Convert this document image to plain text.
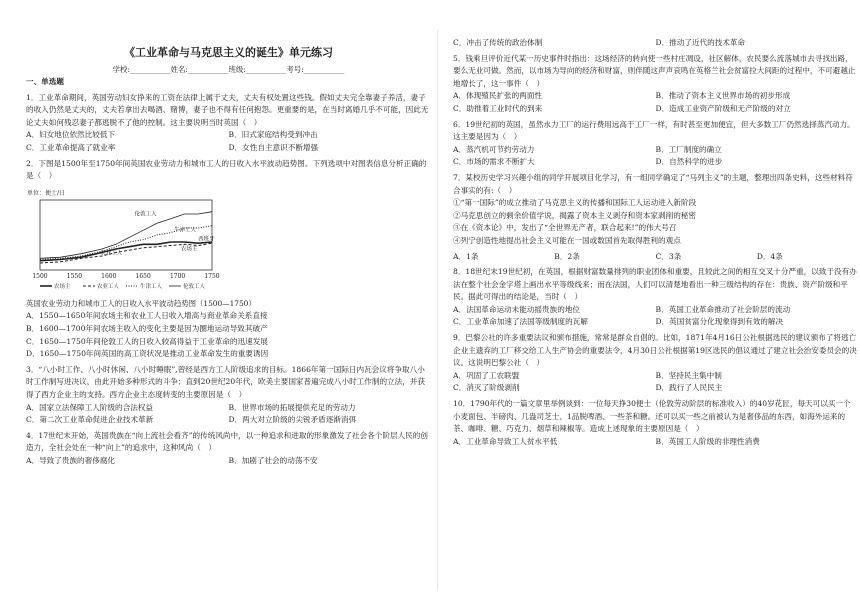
《工业革命与马克思主义的诞生》单元练习
学校:___________姓名:___________班级:___________考号:___________
一、单选题
1．工业革命期间，英国劳动妇女挣来的工资在法律上属于丈夫，丈夫有权处置这些钱。假如丈夫完全靠妻子养活，妻子的收入仍然是丈夫的，丈夫若拿出去喝酒、赌博，妻子也不得有任何抱怨。更重要的是，在当时离婚几乎不可能，因此无论丈夫如何残忍妻子都逃脱不了他的控制。这主要说明当时英国（　）
A．妇女地位依然比较低下	B．旧式家庭结构受到冲击
C．工业革命提高了就业率	D．女性自主意识不断增强
2．下图是1500年至1750年间英国农业劳动力和城市工人的日收入水平波动趋势图。下列选项中对图表信息分析正确的是（　）
单位：便士/日
1500	1550	1600	1650	1700	1750
伦敦工人
牛津工人
农场主
农业工人
西班牙
农场主	农业工人	牛津工人	伦敦工人
英国农业劳动力和城市工人的日收入水平波动趋势图（1500—1750）
A．1550—1650年间农场主和农业工人日收入增高与商业革命关系直接
B．1600—1700年间农场主收入的变化主要是因为圈地运动导致其破产
C．1650—1750年间伦敦工人的日收入较高得益于工业革命的迅速发展
D．1650—1750年间英国的高工资状况是推动工业革命发生的重要诱因
3．“八小时工作、八小时休闲、八小时睡眠”,曾经是西方工人阶级追求的目标。1866年第一国际日内瓦会议将争取八小时工作制写进决议，由此开始多种形式的斗争；直到20世纪20年代，欧美主要国家普遍完成八小时工作制的立法，并获得了西方企业主的支持。西方企业主态度转变的主要原因是（　）
A．国家立法保障工人阶级的合法权益	B．世界市场的拓展提供充足的劳动力
C．第二次工业革命促进企业技术革新	D．两大对立阶级的尖锐矛盾逐渐消弭
4．17世纪末开始，英国贵族在“向上流社会看齐”的传统风尚中，以一种追求和进取的形象激发了社会各个阶层人民的创造力，全社会处在一种“向上”的追求中，这种风尚（　）
A．导致了贵族的奢侈腐化	B．加剧了社会的动荡不安
C．冲击了传统的政治体制	D．推动了近代的技术革命
5．钱乘旦评价近代某一历史事件时指出：这场经济的转向使一些村庄凋设，社区解体，农民要么流落城市去寻找出路，要么无业可做。然而，以市场为导向的经济和财富，则伴随这声声哀鸣在英格兰社会贫富拉大间距的过程中，不可避越止地增长了，这一事件（　）
A．体现殖民扩张的两面性	B．推动了资本主义世界市场的初步形成
C．助推着工业时代的到来	D．造成工业资产阶级和无产阶级的对立
6．19世纪初的英国，虽然水力工厂的运行费用远高于工厂一样，有时甚至更加便宜，但大多数工厂仍然选择蒸汽动力。这主要是因为（　）
A．蒸汽机可节约劳动力	B．工厂制度的确立
C．市场的需求不断扩大	D．自然科学的进步
7．某校历史学习兴趣小组的同学开展项目化学习，有一组同学确定了“马列主义”的主题，整理出四条史料，这些材料符合事实的有:（　）
①“第一国际”的成立推动了马克思主义的传播和国际工人运动进入新阶段
②马克思创立的剩余价值学说，揭露了资本主义剥夺和资本家剥削的秘密
③在《资本论》中，发出了“全世界无产者，联合起来!”的伟大号召
④列宁创造性地提出社会主义可能在一国或数国首先取得胜利的观点
A．1条	B．2条	C．3条	D．4条
8．18世纪末19世纪初，在英国，根据财富数量排列的职业团体和重要，且较此之间的相互交叉十分严重，以致于没有办法在整个社会金字塔上画出水平等级线来；而在法国，人们可以清楚地看出一种三级结构的存在：贵族、资产阶级和平民。据此可得出的结论是，当时（　）
A．法国革命运动未能动摇贵族的地位	B．英国工业革命推动了社会阶层的流动
C．工业革命加速了法国等级制度的瓦解	D．英国贫富分化现象得到有效的解决
9．巴黎公社的许多重要法议和颁布措施，常常是群众自倡的。比如，1871年4月16日公社根据选民的建议颁布了将逃亡企业主遗弃的工厂移交给工人生产协会的重要法令，4月30日公社根据第19区选民的倡议通过了建立社会治安委员会的决议。这说明巴黎公社（　）
A．巩固了工农联盟	B．坚持民主集中制
C．消灭了阶级剥削	D．践行了人民民主
10．1790年代的一篇文章里举例谈到：一位每天挣30便士（伦敦劳动阶层的标准收入）的40岁花匠，每天可以买一个小麦面包、半磅肉、几盎司芝士、1品脱啤酒、一些茶和糖。还可以买一些之前被认为是奢侈品的东西，如海外运来的茶、咖啡、糖、巧克力、烟草和辣椒等。造成上述现象的主要原因是（　）
A．工业革命导致工人贫水平低	B．英国工人阶级的非理性消费
